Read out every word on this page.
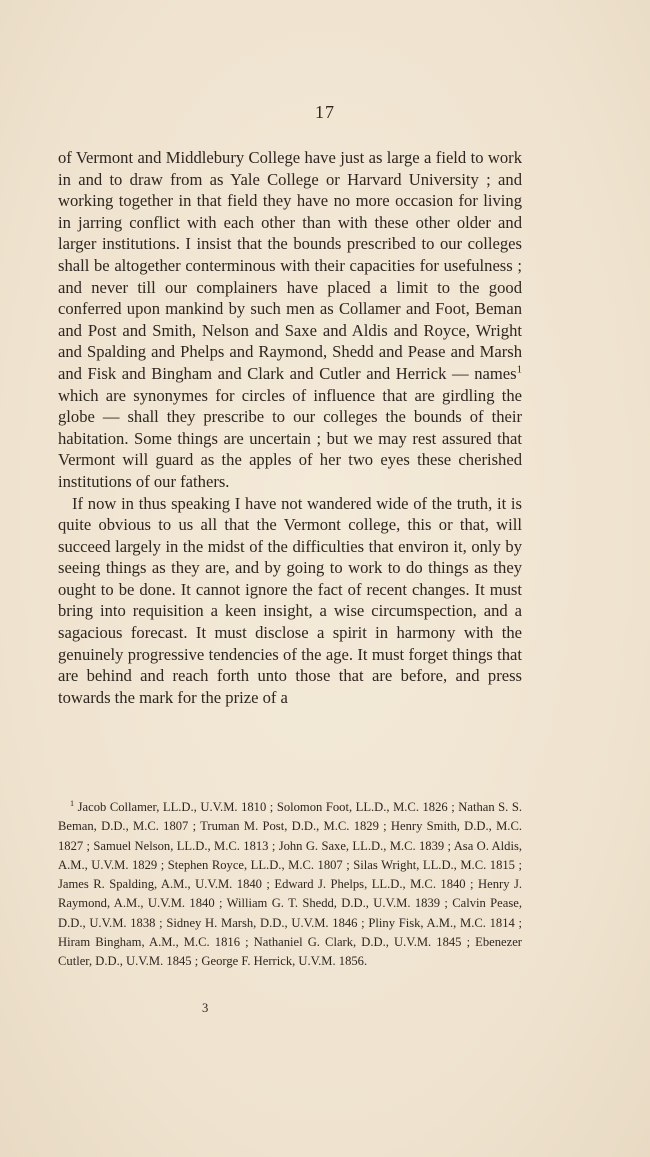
17

of Vermont and Middlebury College have just as large a field to work in and to draw from as Yale College or Harvard University ; and working together in that field they have no more occasion for living in jarring conflict with each other than with these other older and larger institutions. I insist that the bounds prescribed to our colleges shall be altogether conterminous with their capacities for usefulness ; and never till our complainers have placed a limit to the good conferred upon mankind by such men as Collamer and Foot, Beman and Post and Smith, Nelson and Saxe and Aldis and Royce, Wright and Spalding and Phelps and Raymond, Shedd and Pease and Marsh and Fisk and Bingham and Clark and Cutler and Herrick — names$^1$ which are synonymes for circles of influence that are girdling the globe — shall they prescribe to our colleges the bounds of their habitation. Some things are uncertain ; but we may rest assured that Vermont will guard as the apples of her two eyes these cherished institutions of our fathers.

If now in thus speaking I have not wandered wide of the truth, it is quite obvious to us all that the Vermont college, this or that, will succeed largely in the midst of the difficulties that environ it, only by seeing things as they are, and by going to work to do things as they ought to be done. It cannot ignore the fact of recent changes. It must bring into requisition a keen insight, a wise circumspection, and a sagacious forecast. It must disclose a spirit in harmony with the genuinely progressive tendencies of the age. It must forget things that are behind and reach forth unto those that are before, and press towards the mark for the prize of a

$^1$ Jacob Collamer, LL.D., U.V.M. 1810 ; Solomon Foot, LL.D., M.C. 1826 ; Nathan S. S. Beman, D.D., M.C. 1807 ; Truman M. Post, D.D., M.C. 1829 ; Henry Smith, D.D., M.C. 1827 ; Samuel Nelson, LL.D., M.C. 1813 ; John G. Saxe, LL.D., M.C. 1839 ; Asa O. Aldis, A.M., U.V.M. 1829 ; Stephen Royce, LL.D., M.C. 1807 ; Silas Wright, LL.D., M.C. 1815 ; James R. Spalding, A.M., U.V.M. 1840 ; Edward J. Phelps, LL.D., M.C. 1840 ; Henry J. Raymond, A.M., U.V.M. 1840 ; William G. T. Shedd, D.D., U.V.M. 1839 ; Calvin Pease, D.D., U.V.M. 1838 ; Sidney H. Marsh, D.D., U.V.M. 1846 ; Pliny Fisk, A.M., M.C. 1814 ; Hiram Bingham, A.M., M.C. 1816 ; Nathaniel G. Clark, D.D., U.V.M. 1845 ; Ebenezer Cutler, D.D., U.V.M. 1845 ; George F. Herrick, U.V.M. 1856.

3
